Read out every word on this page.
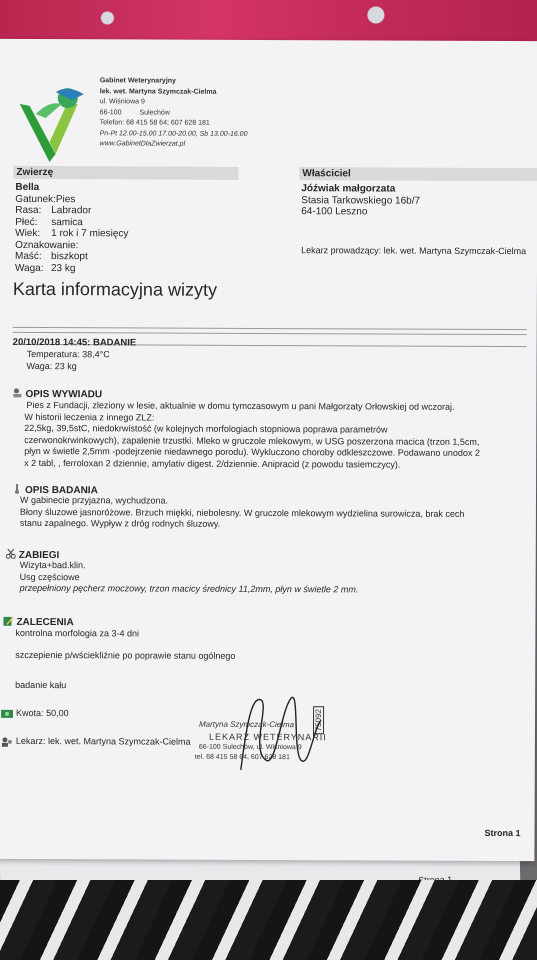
Gabinet Weterynaryjny
lek. wet. Martyna Szymczak-Cielma
ul. Wiśniowa 9
66-100	Sulechów
Telefon: 68 415 58 64; 607 628 181
Pn-Pt 12.00-15.00 17.00-20.00, Sb 13.00-16.00
www.GabinetDlaZwierzat.pl
Zwierzę
Bella
Gatunek:Pies
Rasa: Labrador
Płeć: samica
Wiek: 1 rok i 7 miesięcy
Oznakowanie:
Maść: biszkopt
Waga: 23 kg
Właściciel
Jóźwiak małgorzata
Stasia Tarkowskiego 16b/7
64-100 Leszno
Lekarz prowadzący: lek. wet. Martyna Szymczak-Cielma
Karta informacyjna wizyty
20/10/2018 14:45: BADANIE
Temperatura: 38,4°C
Waga: 23 kg
OPIS WYWIADU
Pies z Fundacji, zleziony w lesie, aktualnie w domu tymczasowym u pani Małgorzaty Orłowskiej od wczoraj.
W historii leczenia z innego ZLZ:
22,5kg, 39,5stC, niedokrwistość (w kolejnych morfologiach stopniowa poprawa parametrów
czerwonokrwinkowych), zapalenie trzustki. Mleko w gruczole mlekowym, w USG poszerzona macica (trzon 1,5cm,
płyn w świetle 2,5mm -podejrzenie niedawnego porodu). Wykluczono choroby odkleszczowe. Podawano unodox 2
x 2 tabl, , ferroloxan 2 dziennie, amylativ digest. 2/dziennie. Anipracid (z powodu tasiemczycy).
OPIS BADANIA
W gabinecie przyjazna, wychudzona.
Błony śluzowe jasnoróżowe. Brzuch miękki, niebolesny. W gruczole mlekowym wydzielina surowicza, brak cech
stanu zapalnego. Wypływ z dróg rodnych śluzowy.
ZABIEGI
Wizyta+bad.klin.
Usg częściowe
przepełniony pęcherz moczowy, trzon macicy średnicy 11,2mm, płyn w świetle 2 mm.
ZALECENIA
kontrolna morfologia za 3-4 dni
szczepienie p/wściekliźnie po poprawie stanu ogólnego
badanie kału
Kwota: 50,00
Lekarz: lek. wet. Martyna Szymczak-Cielma
Martyna Szymczak-Cielma
LEKARZ WETERYNARII
66-100 Sulechów, ul. Wiśniowa 9
tel. 68 415 58 64, 607 628 181
75092
Strona 1
